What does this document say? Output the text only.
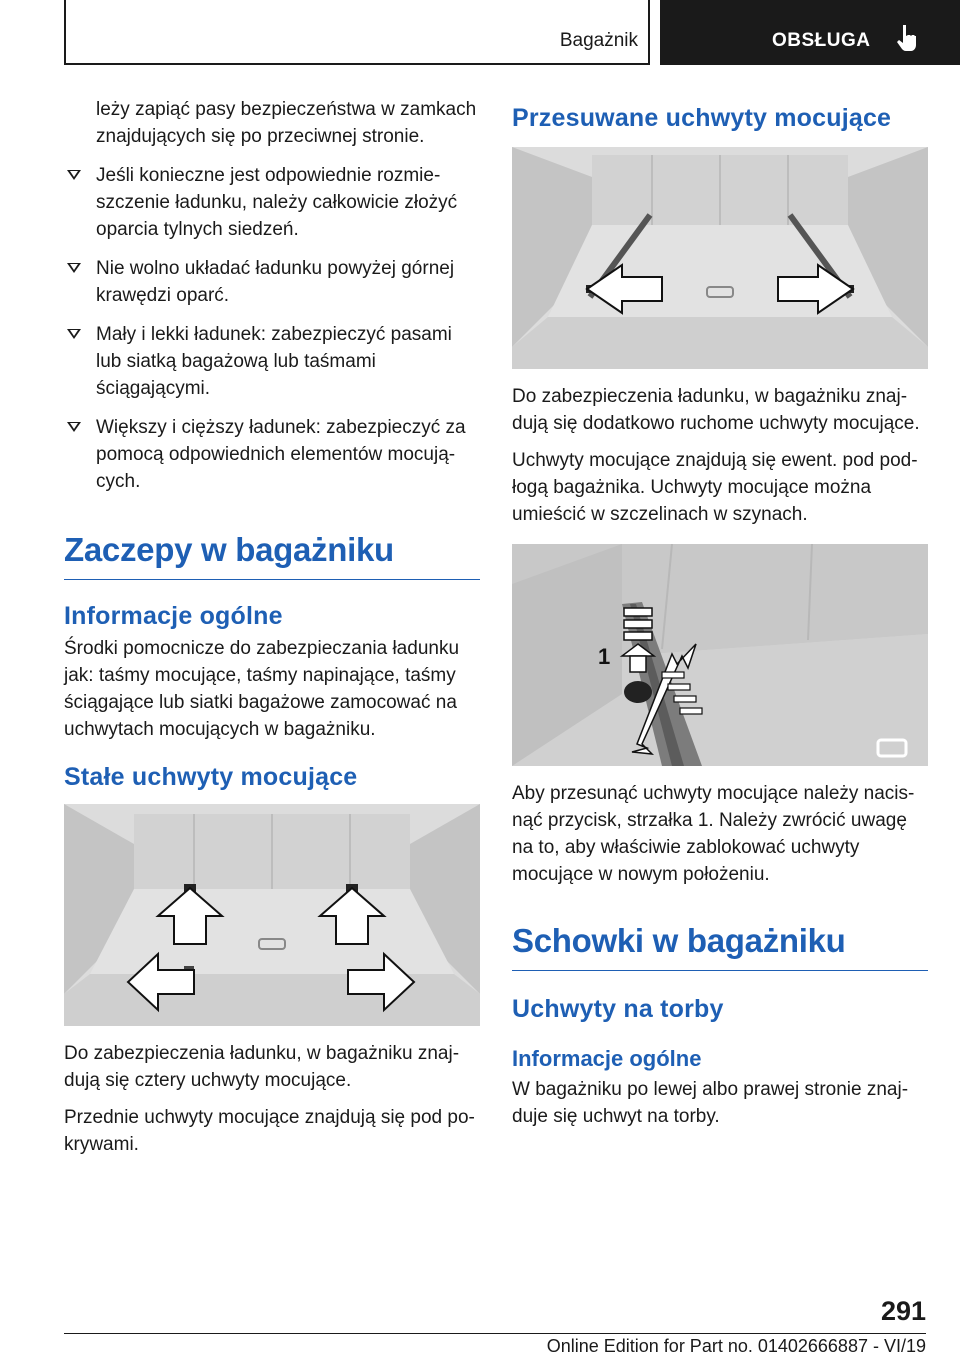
Bagażnik	OBSŁUGA

leży zapiąć pasy bezpieczeństwa w zamkach znajdujących się po przeciwnej stronie.

Jeśli konieczne jest odpowiednie rozmie- szczenie ładunku, należy całkowicie złożyć oparcia tylnych siedzeń.
Nie wolno układać ładunku powyżej górnej krawędzi oparć.
Mały i lekki ładunek: zabezpieczyć pasami lub siatką bagażową lub taśmami ściągającymi.
Większy i cięższy ładunek: zabezpieczyć za pomocą odpowiednich elementów mocują- cych.
Zaczepy w bagażniku
Informacje ogólne

Środki pomocnicze do zabezpieczania ładunku jak: taśmy mocujące, taśmy napinające, taśmy ściągające lub siatki bagażowe zamocować na uchwytach mocujących w bagażniku.

Stałe uchwyty mocujące

Do zabezpieczenia ładunku, w bagażniku znaj- dują się cztery uchwyty mocujące.

Przednie uchwyty mocujące znajdują się pod po- krywami.

Przesuwane uchwyty mocujące

Do zabezpieczenia ładunku, w bagażniku znaj- dują się dodatkowo ruchome uchwyty mocujące.

Uchwyty mocujące znajdują się ewent. pod pod- łogą bagażnika. Uchwyty mocujące można umieścić w szczelinach w szynach.

1

Aby przesunąć uchwyty mocujące należy nacis- nąć przycisk, strzałka 1. Należy zwrócić uwagę na to, aby właściwie zablokować uchwyty mocujące w nowym położeniu.

Schowki w bagażniku
Uchwyty na torby
Informacje ogólne

W bagażniku po lewej albo prawej stronie znaj- duje się uchwyt na torby.

291
Online Edition for Part no. 01402666887 - VI/19
